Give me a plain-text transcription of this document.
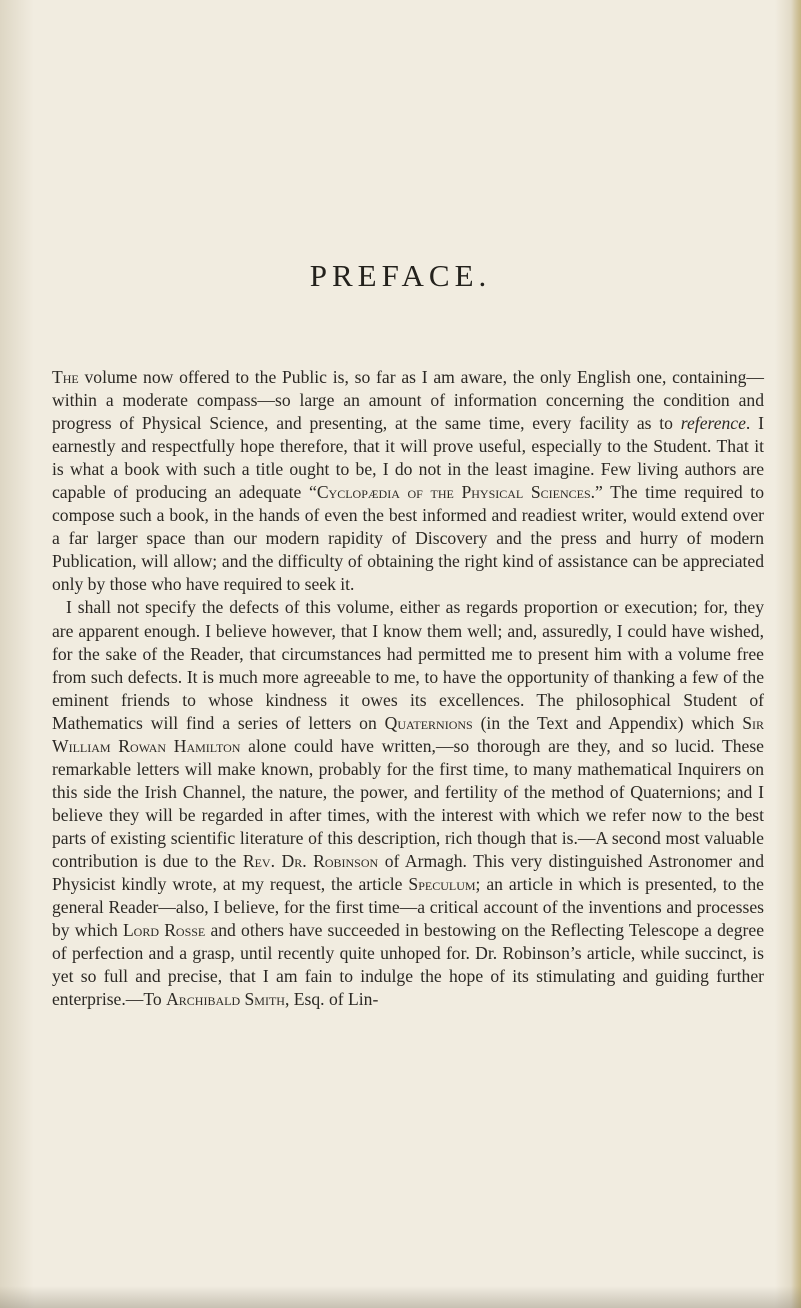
PREFACE.

The volume now offered to the Public is, so far as I am aware, the only English one, containing—within a moderate compass—so large an amount of information concerning the condition and progress of Physical Science, and presenting, at the same time, every facility as to reference. I earnestly and respectfully hope therefore, that it will prove useful, especially to the Student. That it is what a book with such a title ought to be, I do not in the least imagine. Few living authors are capable of producing an adequate “Cyclopædia of the Physical Sciences.” The time required to compose such a book, in the hands of even the best informed and readiest writer, would extend over a far larger space than our modern rapidity of Discovery and the press and hurry of modern Publication, will allow; and the difficulty of obtaining the right kind of assistance can be appreciated only by those who have required to seek it.

I shall not specify the defects of this volume, either as regards proportion or execution; for, they are apparent enough. I believe however, that I know them well; and, assuredly, I could have wished, for the sake of the Reader, that circumstances had permitted me to present him with a volume free from such defects. It is much more agreeable to me, to have the opportunity of thanking a few of the eminent friends to whose kindness it owes its excellences. The philosophical Student of Mathematics will find a series of letters on Quaternions (in the Text and Appendix) which Sir William Rowan Hamilton alone could have written,—so thorough are they, and so lucid. These remarkable letters will make known, probably for the first time, to many mathematical Inquirers on this side the Irish Channel, the nature, the power, and fertility of the method of Quaternions; and I believe they will be regarded in after times, with the interest with which we refer now to the best parts of existing scientific literature of this description, rich though that is.—A second most valuable contribution is due to the Rev. Dr. Robinson of Armagh. This very distinguished Astronomer and Physicist kindly wrote, at my request, the article Speculum; an article in which is presented, to the general Reader—also, I believe, for the first time—a critical account of the inventions and processes by which Lord Rosse and others have succeeded in bestowing on the Reflecting Telescope a degree of perfection and a grasp, until recently quite unhoped for. Dr. Robinson’s article, while succinct, is yet so full and precise, that I am fain to indulge the hope of its stimulating and guiding further enterprise.—To Archibald Smith, Esq. of Lin-
